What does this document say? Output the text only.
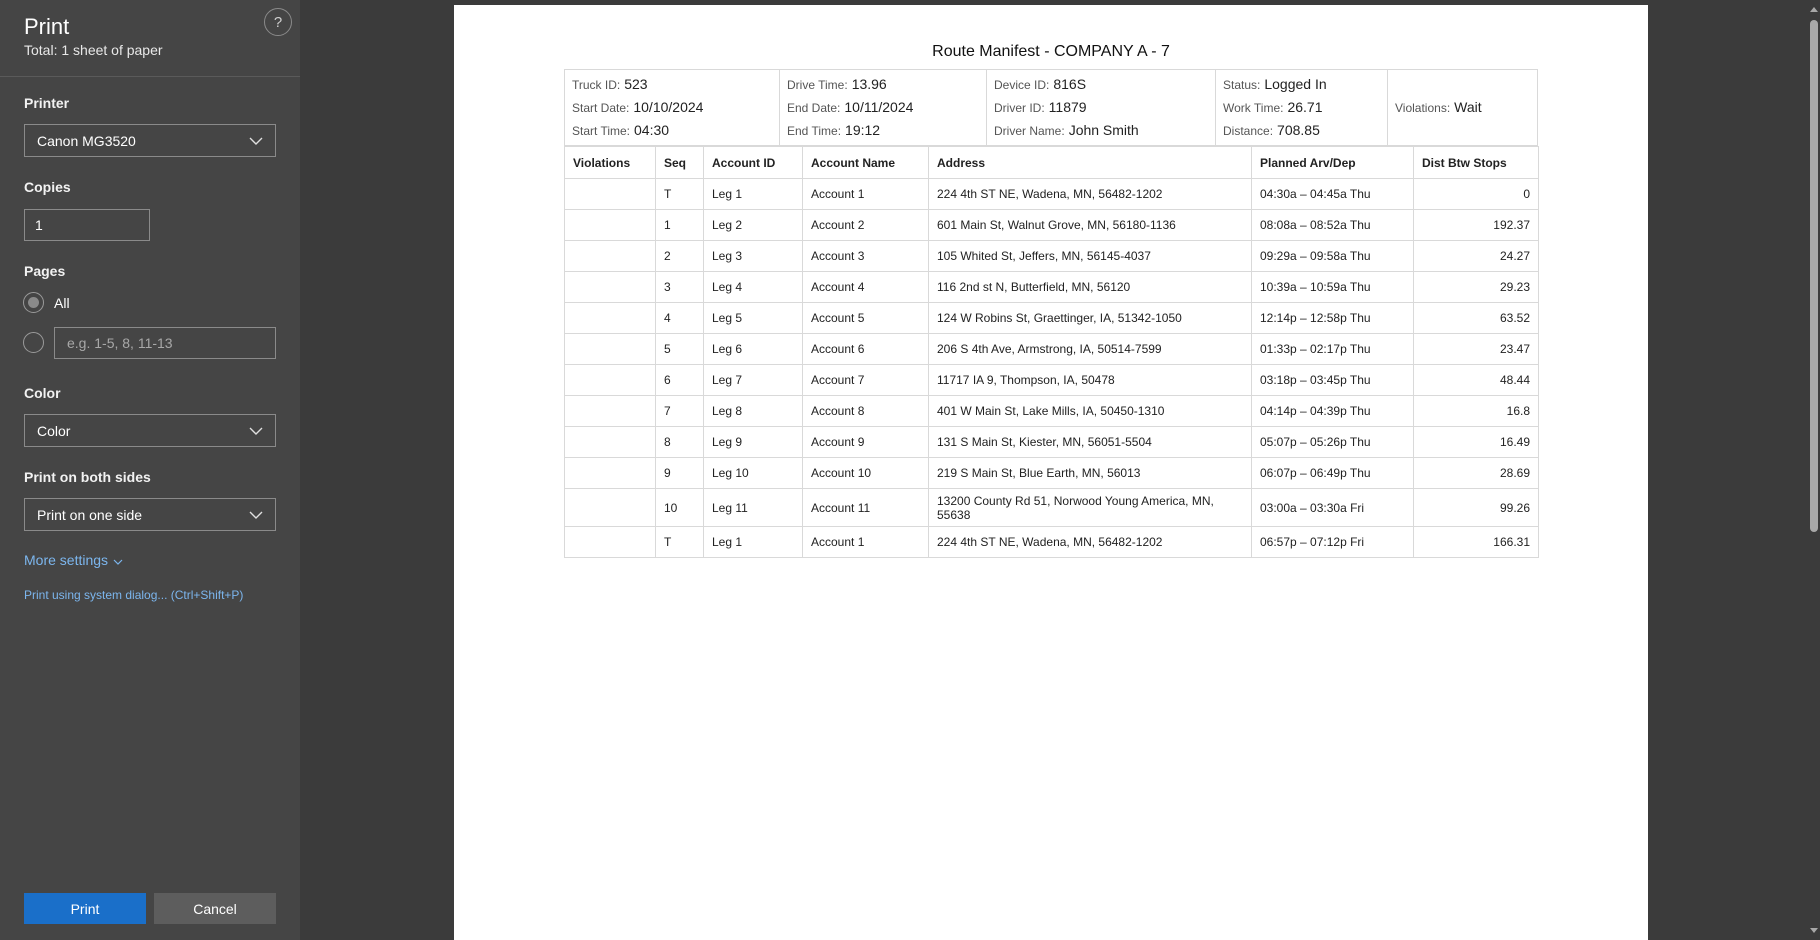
Print
Total: 1 sheet of paper
?
Printer
Canon MG3520
Copies
1
Pages
All
e.g. 1-5, 8, 11-13
Color
Color
Print on both sides
Print on one side
More settings
Print using system dialog... (Ctrl+Shift+P)
Print	Cancel
Route Manifest - COMPANY A - 7
Truck ID: 523
Start Date: 10/10/2024
Start Time: 04:30
Drive Time: 13.96
End Date: 10/11/2024
End Time: 19:12
Device ID: 816S
Driver ID: 11879
Driver Name: John Smith
Status: Logged In
Work Time: 26.71
Distance: 708.85
Violations: Wait
Violations	Seq	Account ID	Account Name	Address	Planned Arv/Dep	Dist Btw Stops
	T	Leg 1	Account 1	224 4th ST NE, Wadena, MN, 56482-1202	04:30a – 04:45a Thu	0
	1	Leg 2	Account 2	601 Main St, Walnut Grove, MN, 56180-1136	08:08a – 08:52a Thu	192.37
	2	Leg 3	Account 3	105 Whited St, Jeffers, MN, 56145-4037	09:29a – 09:58a Thu	24.27
	3	Leg 4	Account 4	116 2nd st N, Butterfield, MN, 56120	10:39a – 10:59a Thu	29.23
	4	Leg 5	Account 5	124 W Robins St, Graettinger, IA, 51342-1050	12:14p – 12:58p Thu	63.52
	5	Leg 6	Account 6	206 S 4th Ave, Armstrong, IA, 50514-7599	01:33p – 02:17p Thu	23.47
	6	Leg 7	Account 7	11717 IA 9, Thompson, IA, 50478	03:18p – 03:45p Thu	48.44
	7	Leg 8	Account 8	401 W Main St, Lake Mills, IA, 50450-1310	04:14p – 04:39p Thu	16.8
	8	Leg 9	Account 9	131 S Main St, Kiester, MN, 56051-5504	05:07p – 05:26p Thu	16.49
	9	Leg 10	Account 10	219 S Main St, Blue Earth, MN, 56013	06:07p – 06:49p Thu	28.69
	10	Leg 11	Account 11	13200 County Rd 51, Norwood Young America, MN, 55638	03:00a – 03:30a Fri	99.26
	T	Leg 1	Account 1	224 4th ST NE, Wadena, MN, 56482-1202	06:57p – 07:12p Fri	166.31
